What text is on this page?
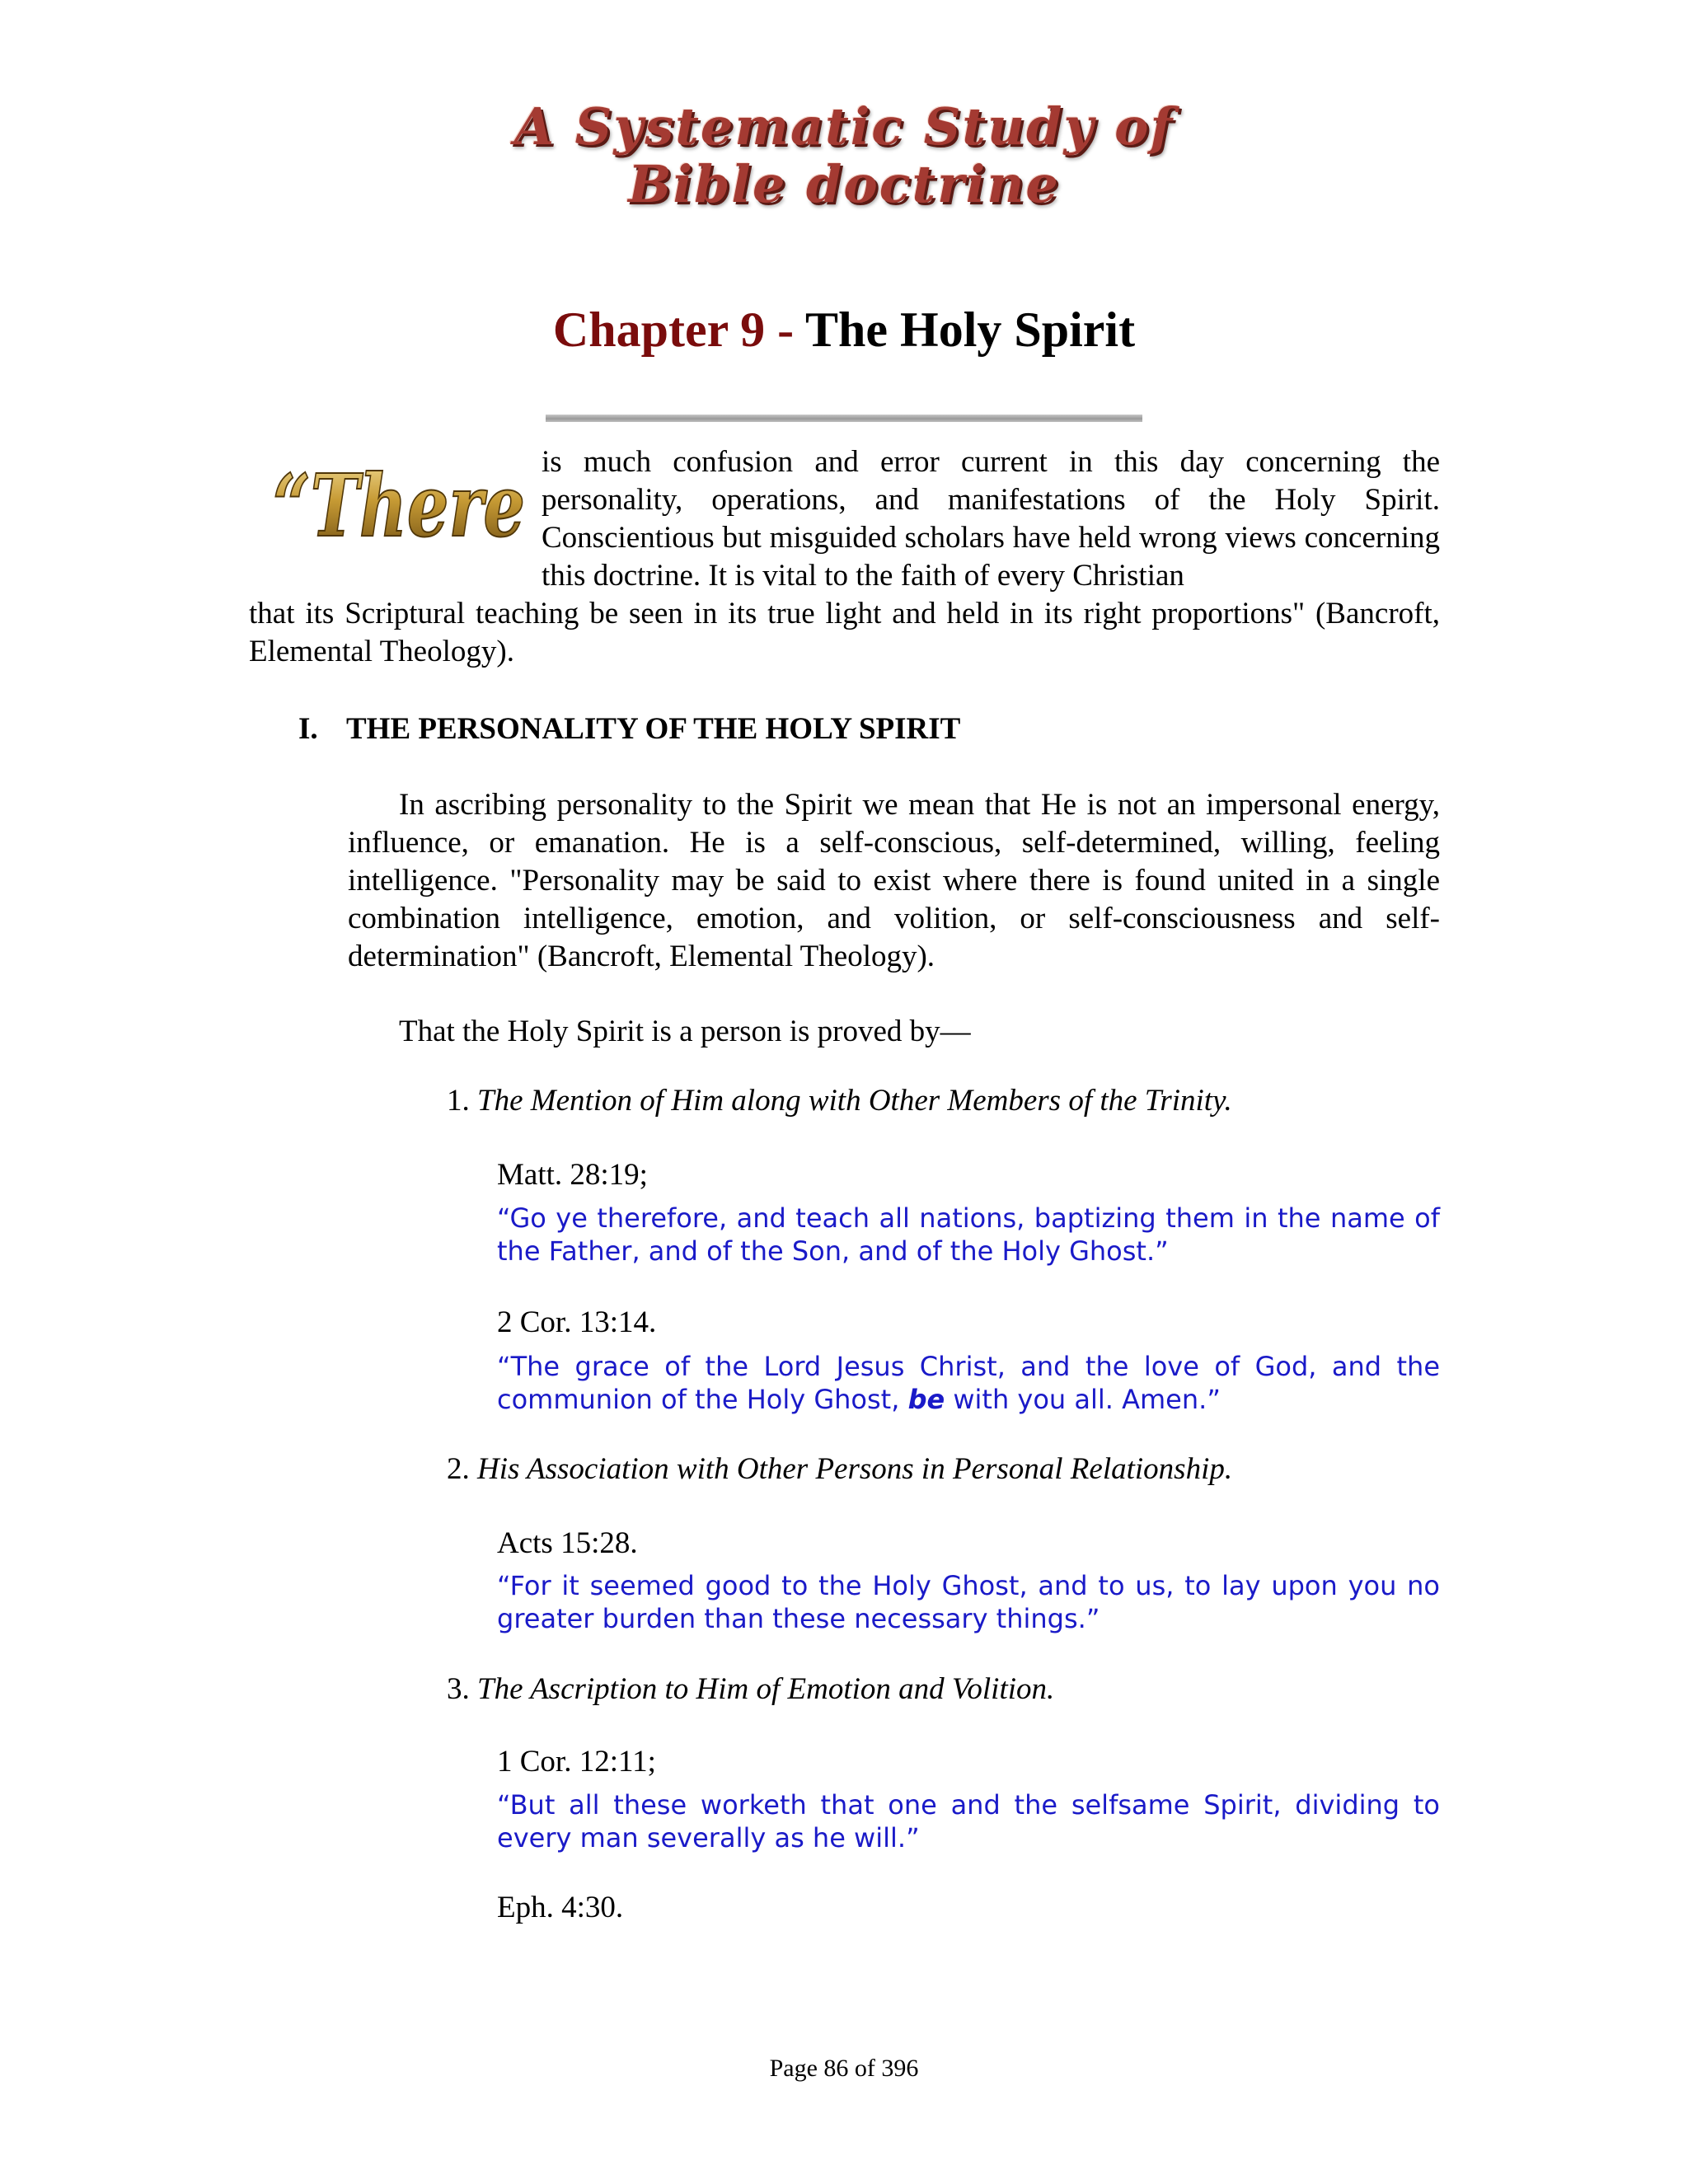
A Systematic Study of
Bible doctrine
Chapter 9 - The Holy Spirit
“There is much confusion and error current in this day concerning the personality, operations, and manifestations of the Holy Spirit. Conscientious but misguided scholars have held wrong views concerning this doctrine. It is vital to the faith of every Christian
that its Scriptural teaching be seen in its true light and held in its right proportions" (Bancroft, Elemental Theology).
I. THE PERSONALITY OF THE HOLY SPIRIT
In ascribing personality to the Spirit we mean that He is not an impersonal energy, influence, or emanation. He is a self-conscious, self-determined, willing, feeling intelligence. "Personality may be said to exist where there is found united in a single combination intelligence, emotion, and volition, or self-consciousness and self-determination" (Bancroft, Elemental Theology).
That the Holy Spirit is a person is proved by—
1. The Mention of Him along with Other Members of the Trinity.
Matt. 28:19;
“Go ye therefore, and teach all nations, baptizing them in the name of the Father, and of the Son, and of the Holy Ghost.”
2 Cor. 13:14.
“The grace of the Lord Jesus Christ, and the love of God, and the communion of the Holy Ghost, be with you all. Amen.”
2. His Association with Other Persons in Personal Relationship.
Acts 15:28.
“For it seemed good to the Holy Ghost, and to us, to lay upon you no greater burden than these necessary things.”
3. The Ascription to Him of Emotion and Volition.
1 Cor. 12:11;
“But all these worketh that one and the selfsame Spirit, dividing to every man severally as he will.”
Eph. 4:30.
Page 86 of 396
